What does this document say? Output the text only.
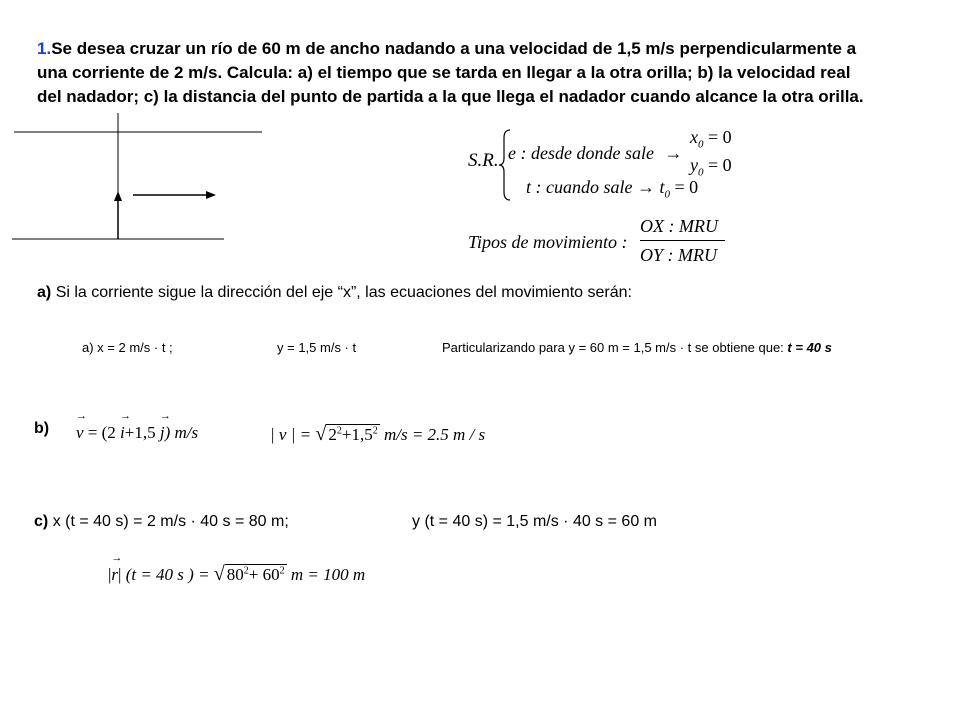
1.Se desea cruzar un río de 60 m de ancho nadando a una velocidad de 1,5 m/s perpendicularmente a
una corriente de 2 m/s. Calcula: a) el tiempo que se tarda en llegar a la otra orilla; b) la velocidad real
del nadador; c) la distancia del punto de partida a la que llega el nadador cuando alcance la otra orilla.
S.R. e : desde donde sale →
$x_0 = 0$
$y_0 = 0$
t : cuando sale → $t_0 = 0$
Tipos de movimiento :
OX : MRU
OY : MRU
a) Si la corriente sigue la dirección del eje “x”, las ecuaciones del movimiento serán:
a) x = 2 m/s · t ;	y = 1,5 m/s · t	Particularizando para y = 60 m = 1,5 m/s · t se obtiene que: t = 40 s
b) → v = (2 → i+1,5 → j) m/s	| v | = √ $2^2+1,5^2$ m/s = 2.5 m / s
c) x (t = 40 s) = 2 m/s · 40 s = 80 m;	y (t = 40 s) = 1,5 m/s · 40 s = 60 m
|→ r| (t = 40 s ) = √ $80^2+ 60^2$ m = 100 m
